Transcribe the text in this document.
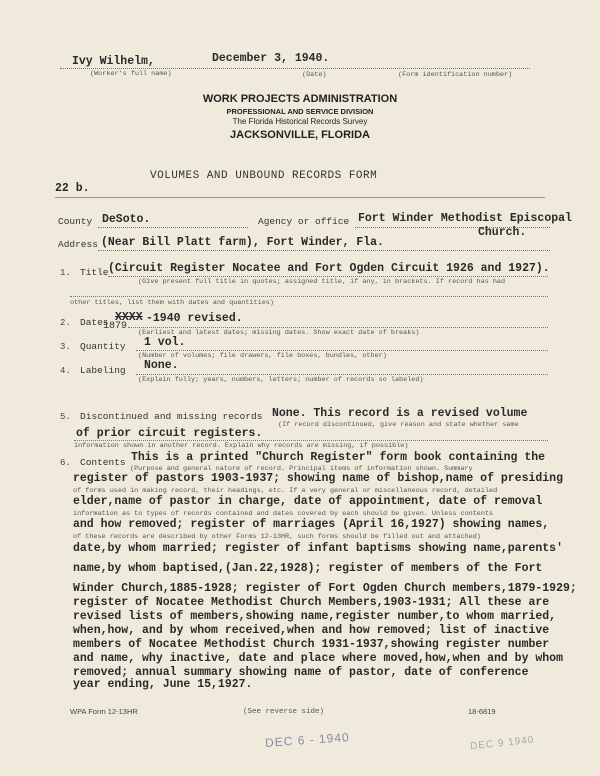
Ivy Wilhelm,	December 3, 1940.
(Worker's full name)	(Date)	(Form identification number)
WORK PROJECTS ADMINISTRATION
PROFESSIONAL AND SERVICE DIVISION
The Florida Historical Records Survey
JACKSONVILLE, FLORIDA
VOLUMES AND UNBOUND RECORDS FORM
22 b.
County DeSoto.	Agency or office Fort Winder Methodist Episcopal
Church.
Address (Near Bill Platt farm), Fort Winder, Fla.
1. Title (Circuit Register Nocatee and Fort Ogden Circuit 1926 and 1927).
(Give present full title in quotes; assigned title, if any, in brackets. If record has had
other titles, list them with dates and quantities)
2. Dates XXXX
1879
-1940 revised.
(Earliest and latest dates; missing dates. Show exact date of breaks)
3. Quantity 1 vol.
(Number of volumes; file drawers, file boxes, bundles, other)
4. Labeling None.
(Explain fully; years, numbers, letters; number of records so labeled)
5. Discontinued and missing records None. This record is a revised volume
(If record discontinued, give reason and state whether same
of prior circuit registers.
information shown in another record. Explain why records are missing, if possible)
6. Contents This is a printed "Church Register" form book containing the
(Purpose and general nature of record. Principal items of information shown. Summary
register of pastors 1903-1937; showing name of bishop,name of presiding
of forms used in making record, their headings, etc. If a very general or miscellaneous record, detailed
elder,name of pastor in charge, date of appointment, date of removal
information as to types of records contained and dates covered by each should be given. Unless contents
and how removed; register of marriages (April 16,1927) showing names,
of these records are described by other Forms 12-13HR, such forms should be filled out and attached)
date,by whom married; register of infant baptisms showing name,parents'
name,by whom baptised,(Jan.22,1928); register of members of the Fort
Winder Church,1885-1928; register of Fort Ogden Church members,1879-1929;
register of Nocatee Methodist Church Members,1903-1931; All these are
revised lists of members,showing name,register number,to whom married,
when,how, and by whom received,when and how removed; list of inactive
members of Nocatee Methodist Church 1931-1937,showing register number
and name, why inactive, date and place where moved,how,when and by whom
removed; annual summary showing name of pastor, date of conference
year ending, June 15,1927.
WPA Form 12-13HR	(See reverse side)	18-6819
DEC 6 - 1940	DEC 9 1940
